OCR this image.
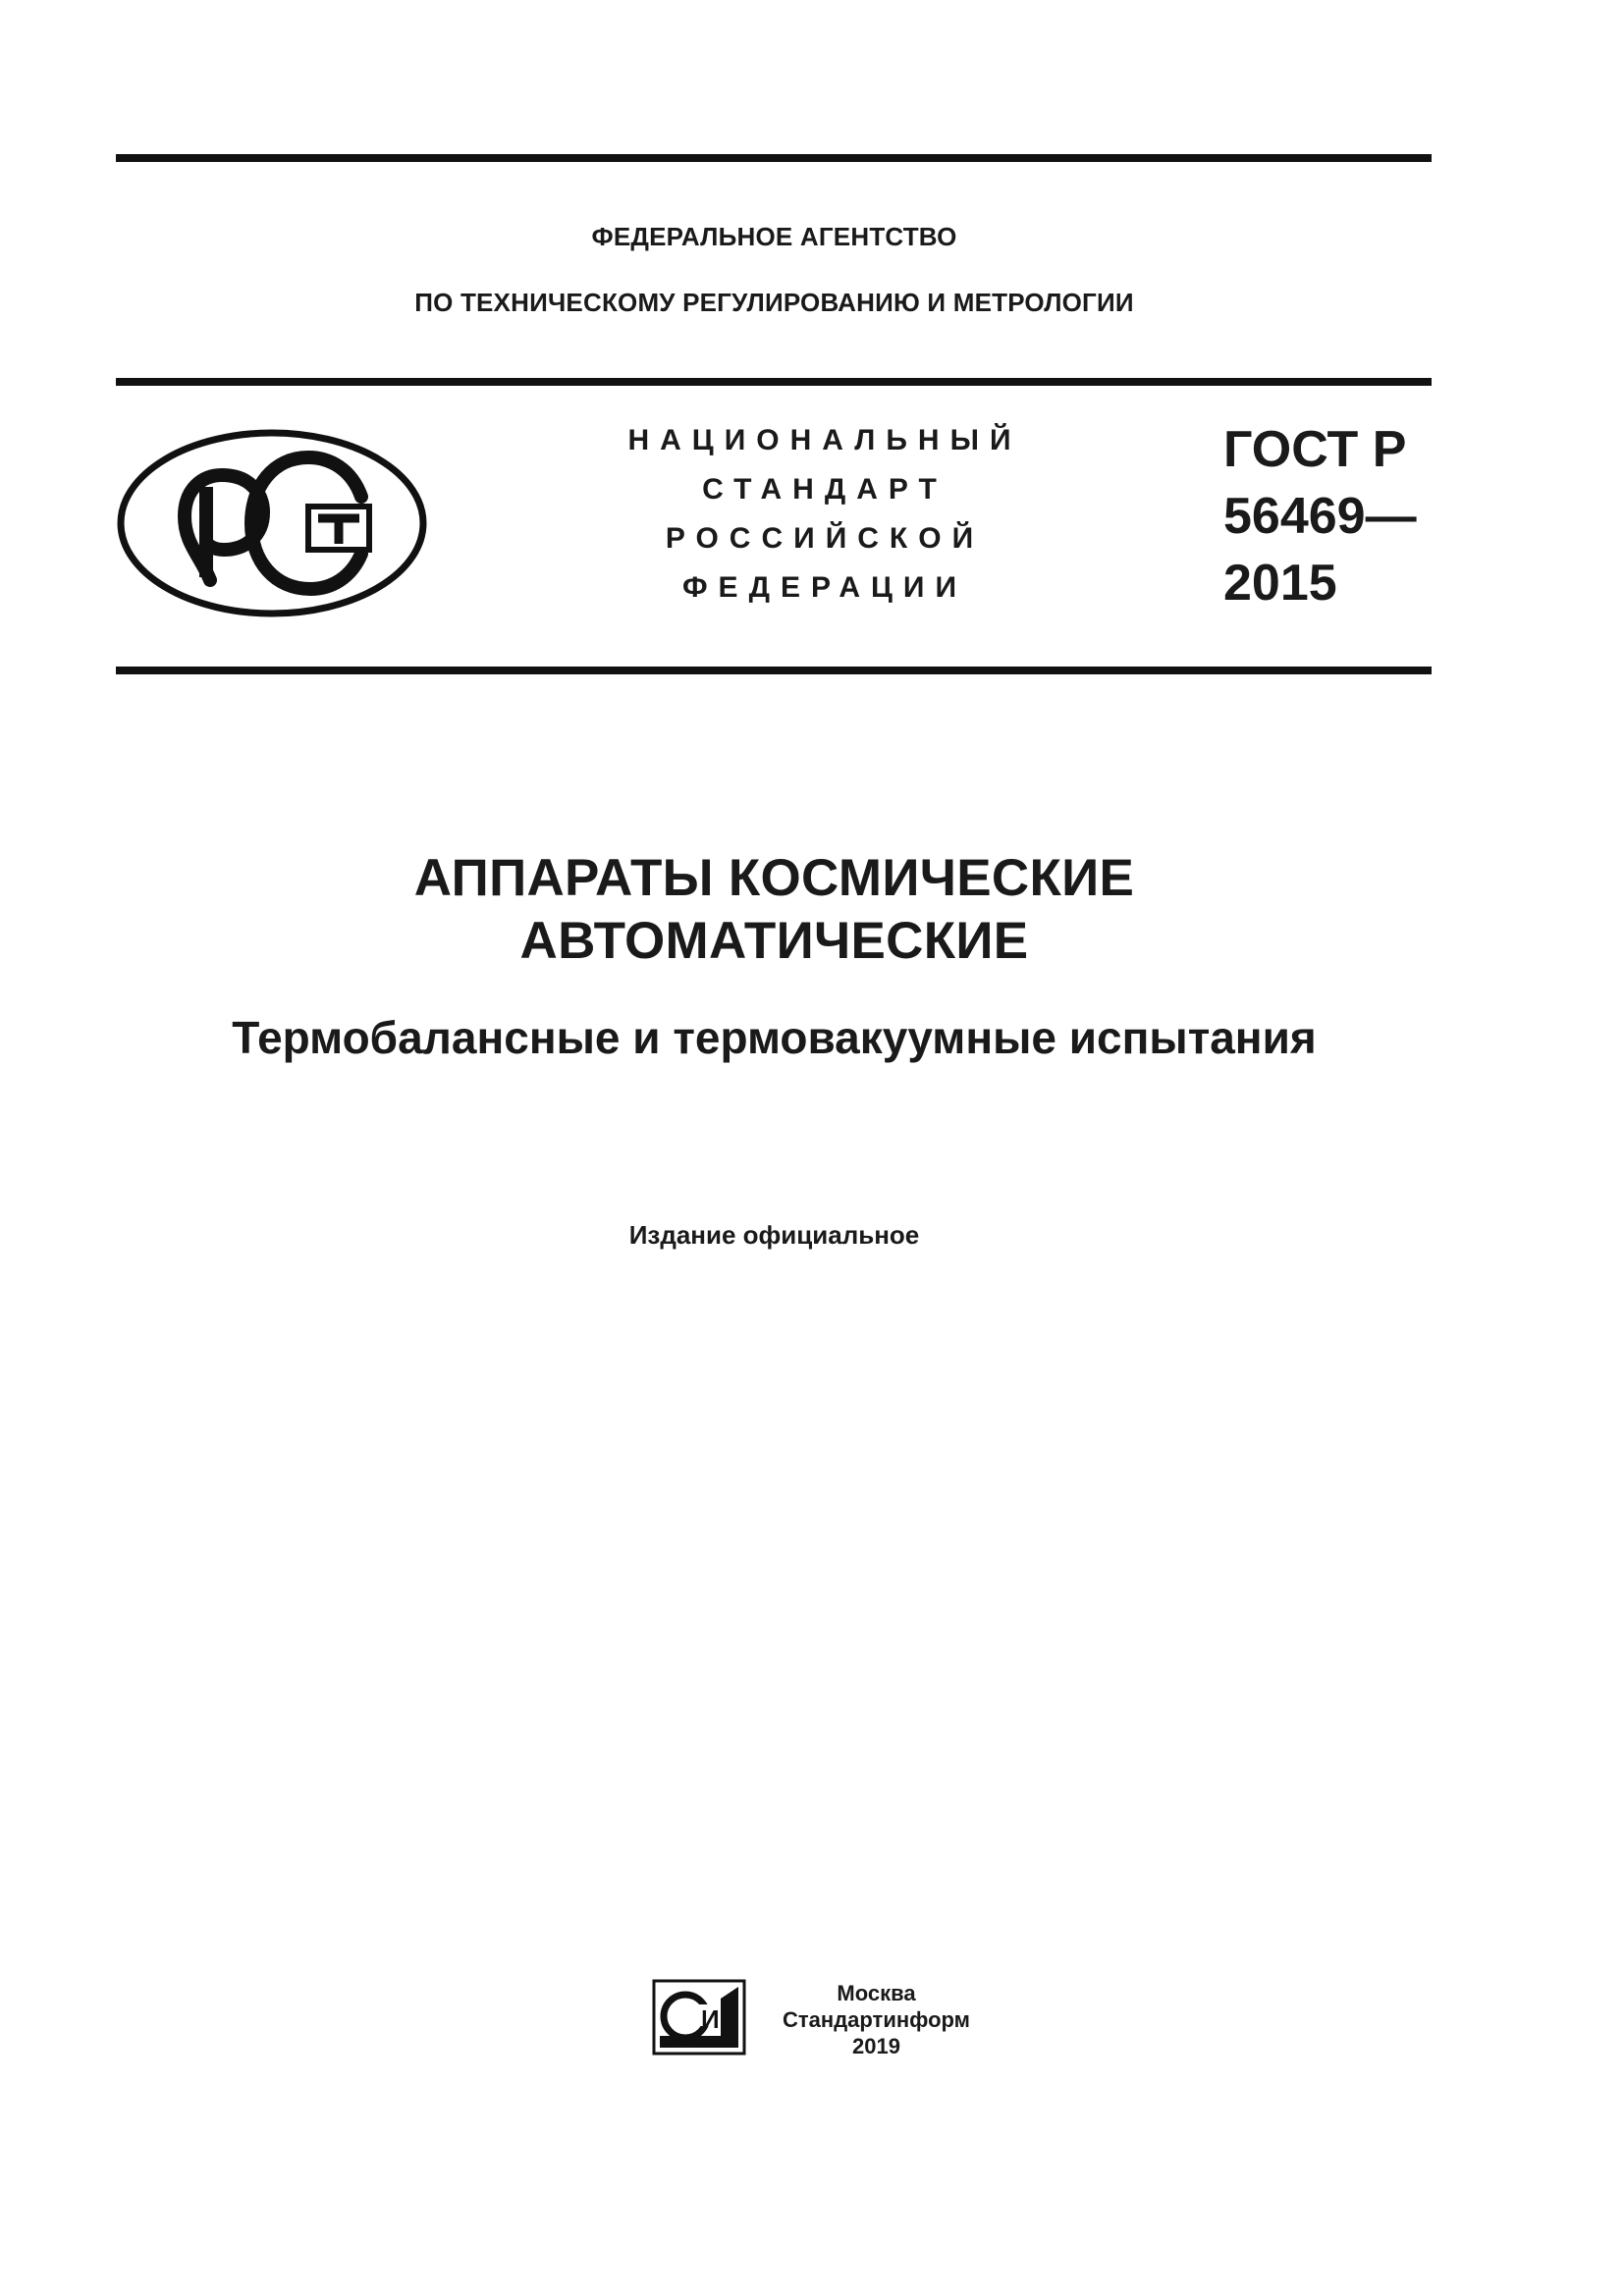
ФЕДЕРАЛЬНОЕ АГЕНТСТВО
ПО ТЕХНИЧЕСКОМУ РЕГУЛИРОВАНИЮ И МЕТРОЛОГИИ
НАЦИОНАЛЬНЫЙ
СТАНДАРТ
РОССИЙСКОЙ
ФЕДЕРАЦИИ
ГОСТ Р
56469—
2015
АППАРАТЫ КОСМИЧЕСКИЕ
АВТОМАТИЧЕСКИЕ
Термобалансные и термовакуумные испытания
Издание официальное
И
Москва
Стандартинформ
2019
